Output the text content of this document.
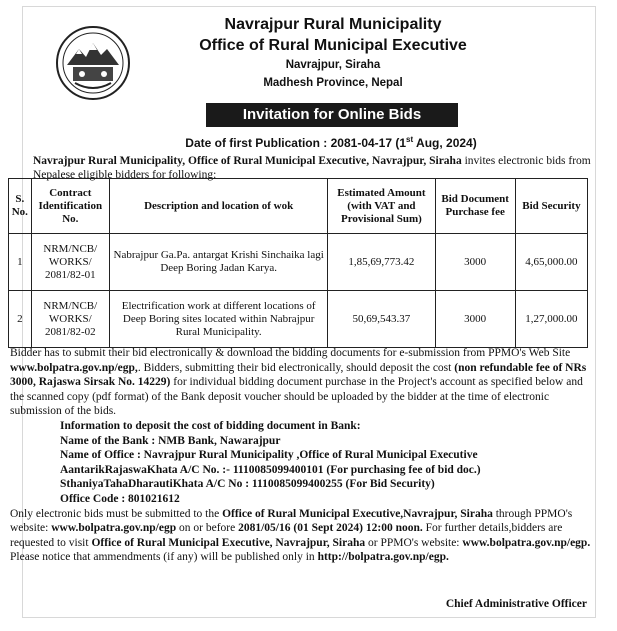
Navrajpur Rural Municipality
Office of Rural Municipal Executive
Navrajpur, Siraha
Madhesh Province, Nepal
Invitation for Online Bids
Date of first Publication : 2081-04-17 (1st Aug, 2024)
Navrajpur Rural Municipality, Office of Rural Municipal Executive, Navrajpur, Siraha invites electronic bids from Nepalese eligible bidders for following:
S. No.	Contract Identification No.	Description and location of wok	Estimated Amount (with VAT and Provisional Sum)	Bid Document Purchase fee	Bid Security
1	NRM/NCB/ WORKS/ 2081/82-01	Nabrajpur Ga.Pa. antargat Krishi Sinchaika lagi Deep Boring Jadan Karya.	1,85,69,773.42	3000	4,65,000.00
2	NRM/NCB/ WORKS/ 2081/82-02	Electrification work at different locations of Deep Boring sites located within Nabrajpur Rural Municipality.	50,69,543.37	3000	1,27,000.00

Bidder has to submit their bid electronically & download the bidding documents for e-submission from PPMO's Web Site www.bolpatra.gov.np/egp,. Bidders, submitting their bid electronically, should deposit the cost (non refundable fee of NRs 3000, Rajaswa Sirsak No. 14229) for individual bidding document purchase in the Project's account as specified below and the scanned copy (pdf format) of the Bank deposit voucher should be uploaded by the bidder at the time of electronic submission of the bids.

Information to deposit the cost of bidding document in Bank:

Name of the Bank : NMB Bank, Nawarajpur

Name of Office : Navrajpur Rural Municipality ,Office of Rural Municipal Executive

AantarikRajaswaKhata A/C No. :- 1110085099400101 (For purchasing fee of bid doc.)

SthaniyaTahaDharautiKhata A/C No : 1110085099400255 (For Bid Security)

Office Code : 801021612

Only electronic bids must be submitted to the Office of Rural Municipal Executive,Navrajpur, Siraha through PPMO's website: www.bolpatra.gov.np/egp on or before 2081/05/16 (01 Sept 2024) 12:00 noon. For further details,bidders are requested to visit Office of Rural Municipal Executive, Navrajpur, Siraha or PPMO's website: www.bolpatra.gov.np/egp.

Please notice that ammendments (if any) will be published only in http://bolpatra.gov.np/egp.

Chief Administrative Officer
